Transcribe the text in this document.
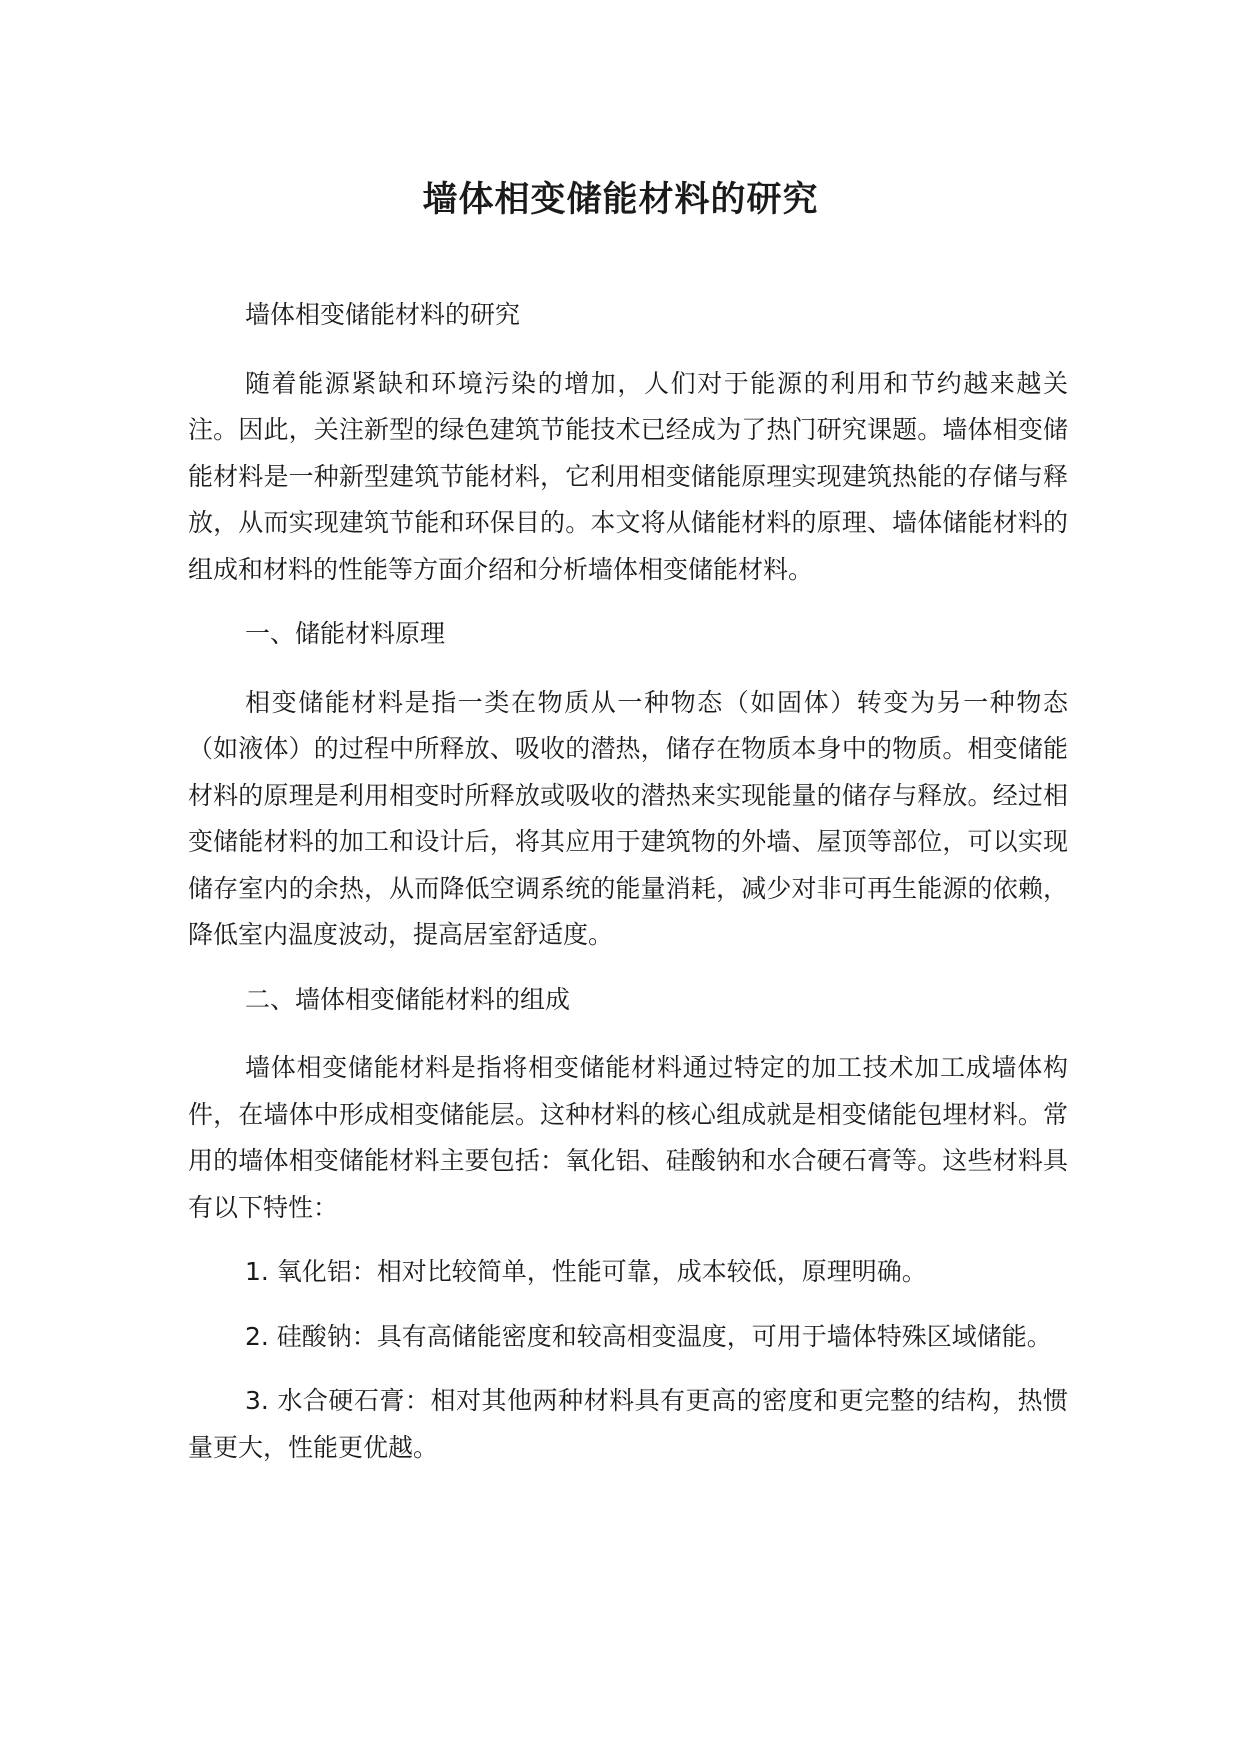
墙体相变储能材料的研究

墙体相变储能材料的研究

随着能源紧缺和环境污染的增加，人们对于能源的利用和节约越来越关注。因此，关注新型的绿色建筑节能技术已经成为了热门研究课题。墙体相变储能材料是一种新型建筑节能材料，它利用相变储能原理实现建筑热能的存储与释放，从而实现建筑节能和环保目的。本文将从储能材料的原理、墙体储能材料的组成和材料的性能等方面介绍和分析墙体相变储能材料。

一、储能材料原理

相变储能材料是指一类在物质从一种物态（如固体）转变为另一种物态（如液体）的过程中所释放、吸收的潜热，储存在物质本身中的物质。相变储能材料的原理是利用相变时所释放或吸收的潜热来实现能量的储存与释放。经过相变储能材料的加工和设计后，将其应用于建筑物的外墙、屋顶等部位，可以实现储存室内的余热，从而降低空调系统的能量消耗，减少对非可再生能源的依赖，降低室内温度波动，提高居室舒适度。

二、墙体相变储能材料的组成

墙体相变储能材料是指将相变储能材料通过特定的加工技术加工成墙体构件，在墙体中形成相变储能层。这种材料的核心组成就是相变储能包埋材料。常用的墙体相变储能材料主要包括：氧化铝、硅酸钠和水合硬石膏等。这些材料具有以下特性：

1. 氧化铝：相对比较简单，性能可靠，成本较低，原理明确。

2. 硅酸钠：具有高储能密度和较高相变温度，可用于墙体特殊区域储能。

3. 水合硬石膏：相对其他两种材料具有更高的密度和更完整的结构，热惯量更大，性能更优越。
